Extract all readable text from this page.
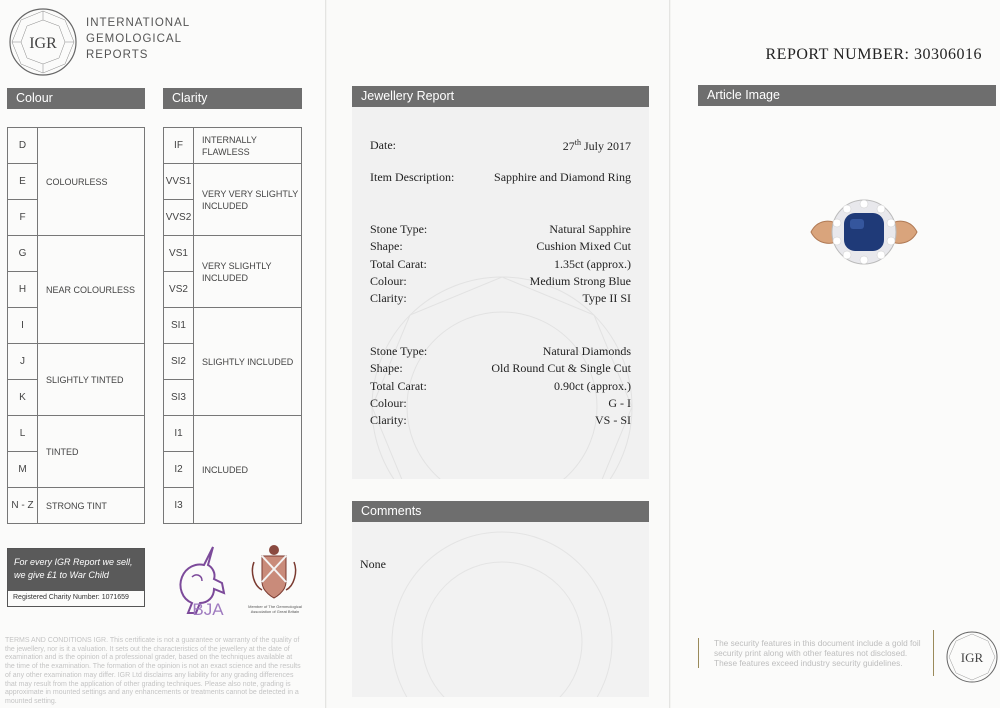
IGR
INTERNATIONAL
GEMOLOGICAL
REPORTS
Colour	Clarity
D	COLOURLESS
E	
F	
G	NEAR COLOURLESS
H	
I	
J	SLIGHTLY TINTED
K	
L	TINTED
M	
N - Z	STRONG TINT
IF	INTERNALLY FLAWLESS
VVS1	VERY VERY SLIGHTLY INCLUDED
VVS2	
VS1	VERY SLIGHTLY INCLUDED
VS2	
SI1	SLIGHTLY INCLUDED
SI2	
SI3	
I1	INCLUDED
I2	
I3	
For every IGR Report we sell, we give £1 to War Child
Registered Charity Number: 1071659
BJA	Member of The Gemmological Association of Great Britain
TERMS AND CONDITIONS IGR. This certificate is not a guarantee or warranty of the quality of the jewellery, nor is it a valuation. It sets out the characteristics of the jewellery at the date of examination and is the opinion of a professional grader, based on the techniques available at the time of the examination. The formation of the opinion is not an exact science and the results of any other examination may differ. IGR Ltd disclaims any liability for any grading differences that may result from the application of other grading techniques. Please also note, grading is approximate in mounted settings and any enhancements or treatments cannot be detected in a mounted setting.
Jewellery Report
Date:	27th July 2017
Item Description:	Sapphire and Diamond Ring
Stone Type:	Natural Sapphire
Shape:	Cushion Mixed Cut
Total Carat:	1.35ct (approx.)
Colour:	Medium Strong Blue
Clarity:	Type II SI
Stone Type:	Natural Diamonds
Shape:	Old Round Cut & Single Cut
Total Carat:	0.90ct (approx.)
Colour:	G - I
Clarity:	VS - SI
Comments
None
REPORT NUMBER: 30306016
Article Image
The security features in this document include a gold foil security print along with other features not disclosed. These features exceed industry security guidelines.	IGR
